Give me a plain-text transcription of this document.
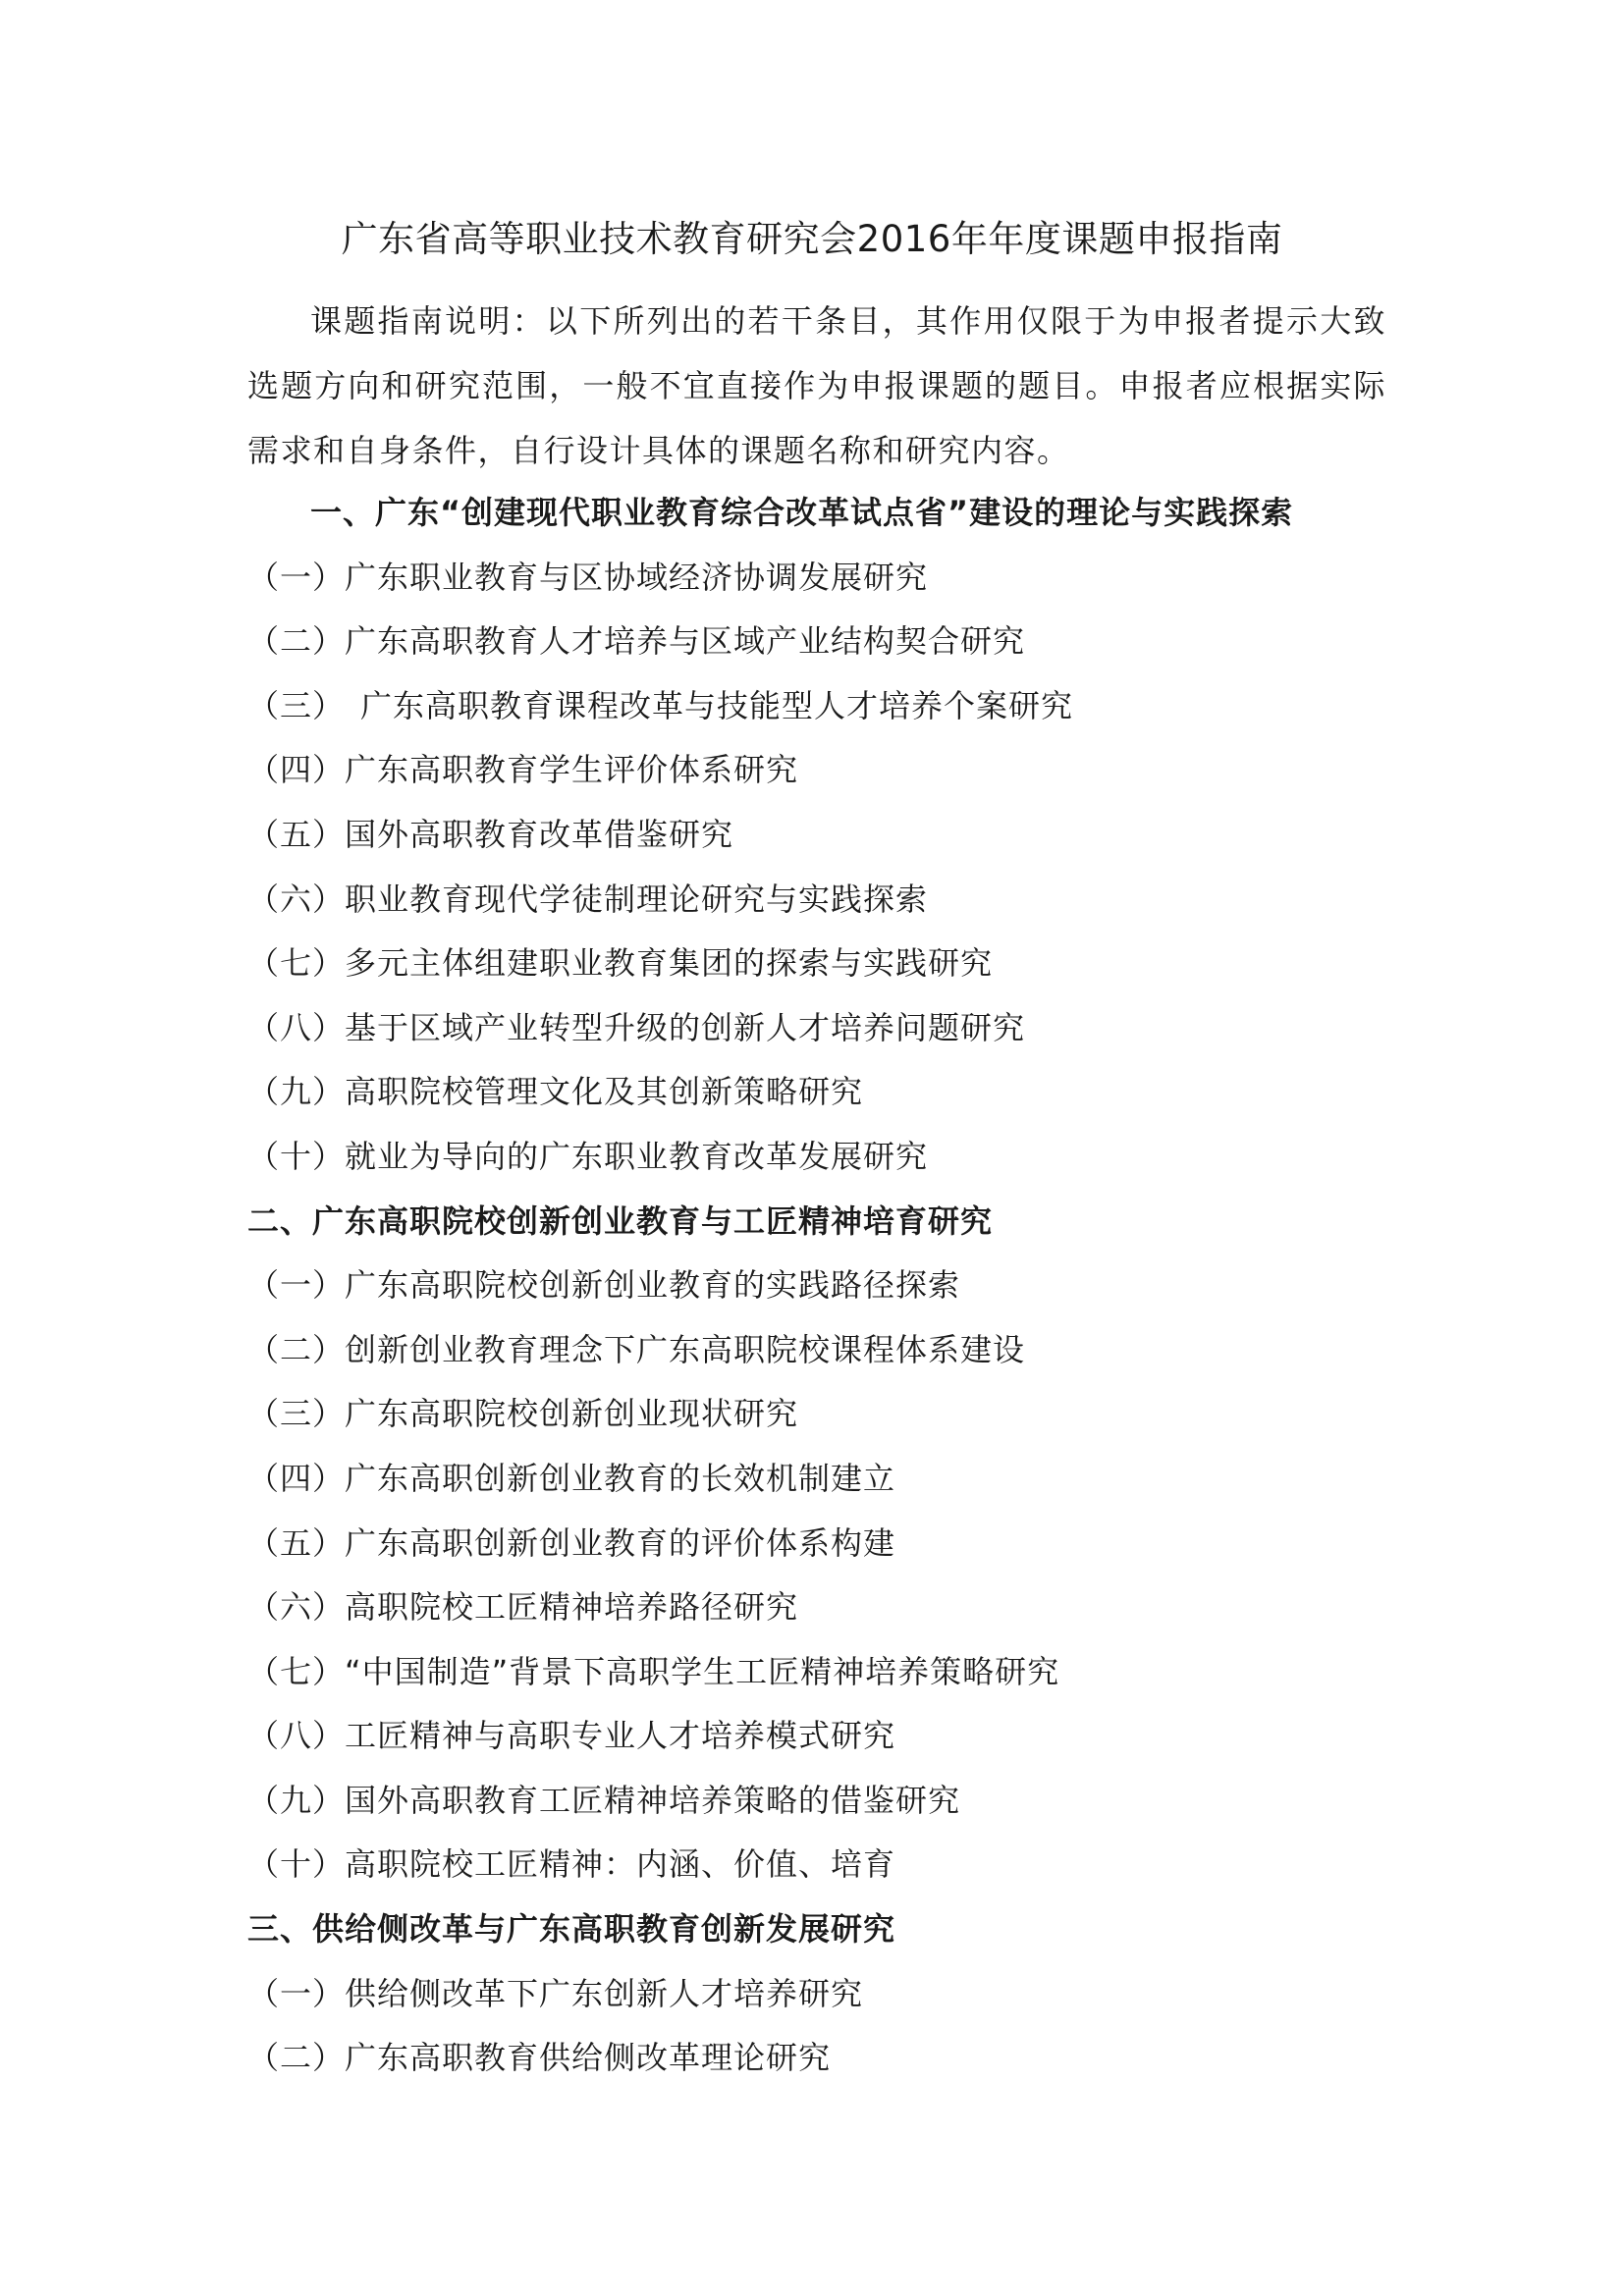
广东省高等职业技术教育研究会2016年年度课题申报指南

课题指南说明：以下所列出的若干条目，其作用仅限于为申报者提示大致选题方向和研究范围，一般不宜直接作为申报课题的题目。申报者应根据实际需求和自身条件，自行设计具体的课题名称和研究内容。

一、广东“创建现代职业教育综合改革试点省”建设的理论与实践探索
（一）广东职业教育与区协域经济协调发展研究
（二）广东高职教育人才培养与区域产业结构契合研究
（三） 广东高职教育课程改革与技能型人才培养个案研究
（四）广东高职教育学生评价体系研究
（五）国外高职教育改革借鉴研究
（六）职业教育现代学徒制理论研究与实践探索
（七）多元主体组建职业教育集团的探索与实践研究
（八）基于区域产业转型升级的创新人才培养问题研究
（九）高职院校管理文化及其创新策略研究
（十）就业为导向的广东职业教育改革发展研究
二、广东高职院校创新创业教育与工匠精神培育研究
（一）广东高职院校创新创业教育的实践路径探索
（二）创新创业教育理念下广东高职院校课程体系建设
（三）广东高职院校创新创业现状研究
（四）广东高职创新创业教育的长效机制建立
（五）广东高职创新创业教育的评价体系构建
（六）高职院校工匠精神培养路径研究
（七）“中国制造”背景下高职学生工匠精神培养策略研究
（八）工匠精神与高职专业人才培养模式研究
（九）国外高职教育工匠精神培养策略的借鉴研究
（十）高职院校工匠精神：内涵、价值、培育
三、供给侧改革与广东高职教育创新发展研究
（一）供给侧改革下广东创新人才培养研究
（二）广东高职教育供给侧改革理论研究
